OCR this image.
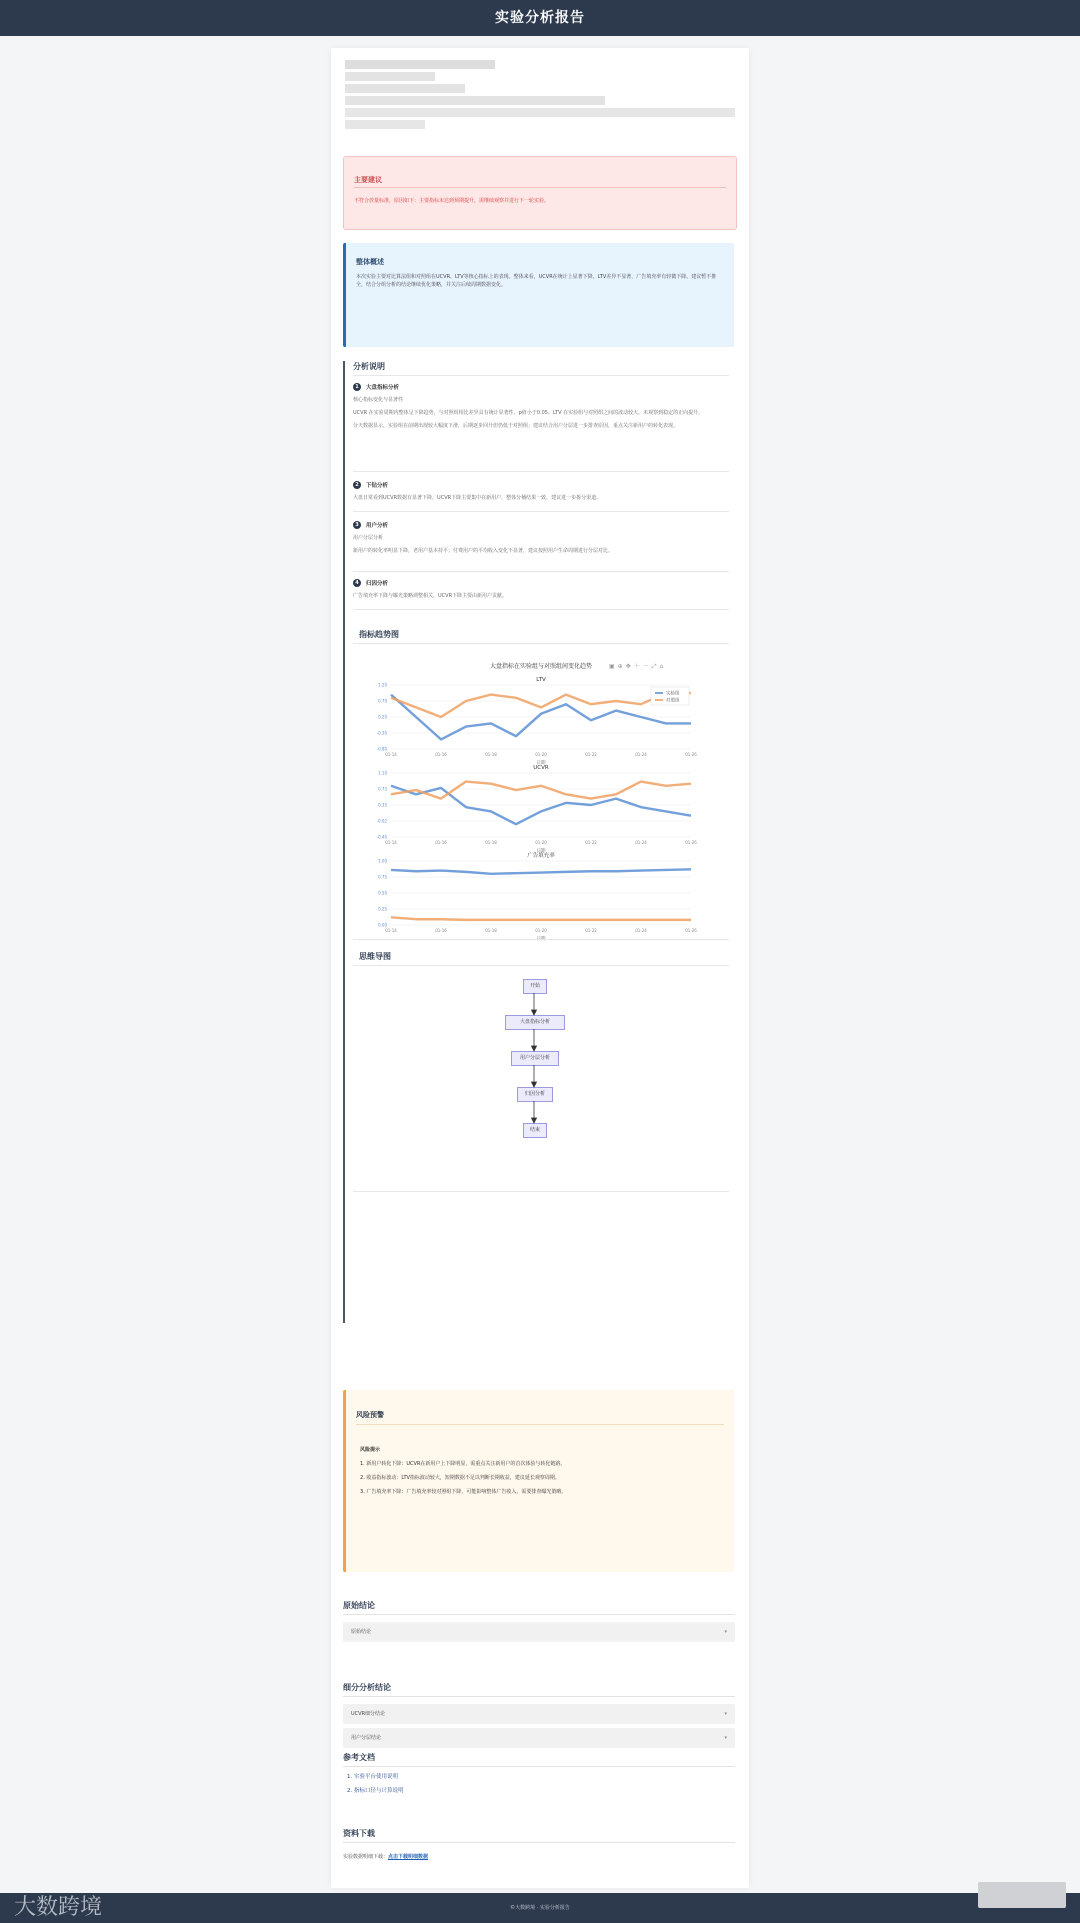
实验分析报告
主要建议
不符合放量标准，原因如下：主要指标未达到预期提升，需继续观察并进行下一轮实验。
整体概述
本次实验主要对比算法组和对照组在UCVR、LTV等核心指标上的表现。整体来看，UCVR在统计上显著下降，LTV差异不显著，广告填充率有轻微下降。建议暂不推全，结合分组分析的结论继续优化策略，并关注后续周期数据变化。
分析说明
1	大盘指标分析
核心指标变化与显著性
UCVR 在实验周期内整体呈下降趋势，与对照组相比差异具有统计显著性，p值小于0.05。LTV 在实验组与对照组之间的波动较大，未观察到稳定的正向提升。
分天数据显示，实验组在前期出现较大幅度下滑，后期逐步回升但仍低于对照组；建议结合用户分层进一步排查原因，重点关注新用户的转化表现。
2	下钻分析
大盘日常看到UCVR数据有显著下降，UCVR下降主要集中在新用户，整体分桶结果一致，建议进一步拆分渠道。
3	用户分析
用户分层分析
新用户的转化率明显下降，老用户基本持平；付费用户的平均收入变化不显著，建议按照用户生命周期进行分层对比。
4	归因分析
广告填充率下降与曝光策略调整相关，UCVR下降主要由新用户贡献。
指标趋势图
大盘指标在实验组与对照组间变化趋势	▣⊕✥＋－⤢⌂
LTV
1.20
0.70
0.20
-0.30
-0.80
01-14	01-16	01-18	01-20	01-22	01-24	01-26
日期
实验组
对照组
UCVR
1.10
0.73
0.35
-0.02
-0.40
01-14	01-16	01-18	01-20	01-22	01-24	01-26
日期
广告填充率
1.00
0.75
0.50
0.25
0.00
01-14	01-16	01-18	01-20	01-22	01-24	01-26
思维导图
开始
大盘指标分析
用户分层分析
归因分析
结束
风险预警

风险提示

1. 新用户转化下降：UCVR在新用户上下降明显，需重点关注新用户的首次体验与转化链路。

2. 收益指标波动：LTV指标波动较大，短期数据不足以判断长期收益，建议延长观察周期。

3. 广告填充率下降：广告填充率较对照组下降，可能影响整体广告收入，需要排查曝光策略。

原始结论
原始结论	▾
细分分析结论
UCVR细分结论	▾
用户分层结论	▾
参考文档
1. 实验平台使用说明
2. 指标口径与计算说明
资料下载
实验数据明细下载：点击下载明细数据
©大数跨境 · 实验分析报告
大数跨境
